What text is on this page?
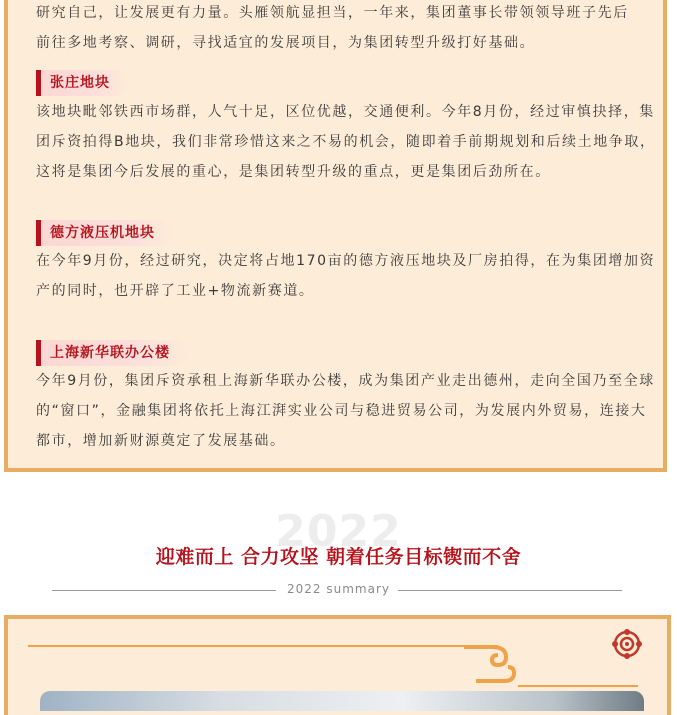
研究自己，让发展更有力量。头雁领航显担当，一年来，集团董事长带领领导班子先后

前往多地考察、调研，寻找适宜的发展项目，为集团转型升级打好基础。

张庄地块

该地块毗邻铁西市场群，人气十足，区位优越，交通便利。今年8月份，经过审慎抉择，集团斥资拍得B地块，我们非常珍惜这来之不易的机会，随即着手前期规划和后续土地争取，这将是集团今后发展的重心，是集团转型升级的重点，更是集团后劲所在。

德方液压机地块

在今年9月份，经过研究，决定将占地170亩的德方液压地块及厂房拍得，在为集团增加资产的同时，也开辟了工业+物流新赛道。

上海新华联办公楼

今年9月份，集团斥资承租上海新华联办公楼，成为集团产业走出德州，走向全国乃至全球的“窗口”，金融集团将依托上海江湃实业公司与稳进贸易公司，为发展内外贸易，连接大都市，增加新财源奠定了发展基础。

2022
迎难而上 合力攻坚 朝着任务目标锲而不舍
2022 summary
